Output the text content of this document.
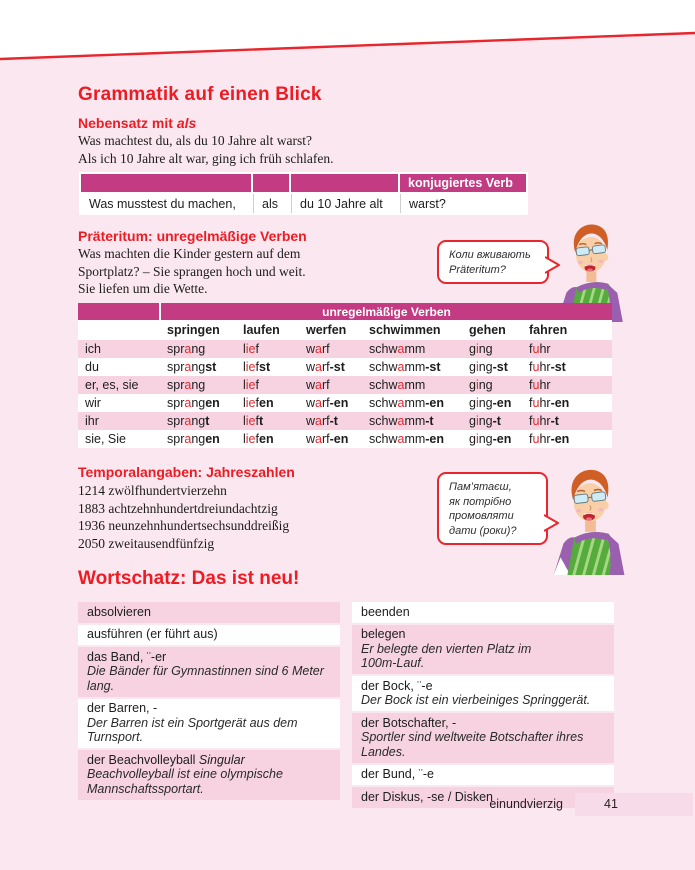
Grammatik auf einen Blick
Nebensatz mit als
Was machtest du, als du 10 Jahre alt warst?
Als ich 10 Jahre alt war, ging ich früh schlafen.
			konjugiertes Verb
Was musstest du machen,	als	du 10 Jahre alt	warst?
Präteritum: unregelmäßige Verben
Was machten die Kinder gestern auf dem
Sportplatz? – Sie sprangen hoch und weit.
Sie liefen um die Wette.
Коли вживають
Präteritum?
	unregelmäßige Verben					
	springen	laufen	werfen	schwimmen	gehen	fahren
ich	sprang	lief	warf	schwamm	ging	fuhr
du	sprangst	liefst	warf-st	schwamm-st	ging-st	fuhr-st
er, es, sie	sprang	lief	warf	schwamm	ging	fuhr
wir	sprangen	liefen	warf-en	schwamm-en	ging-en	fuhr-en
ihr	sprangt	lieft	warf-t	schwamm-t	ging-t	fuhr-t
sie, Sie	sprangen	liefen	warf-en	schwamm-en	ging-en	fuhr-en
Temporalangaben: Jahreszahlen
1214 zwölfhundertvierzehn
1883 achtzehnhundertdreiundachtzig
1936 neunzehnhundertsechsunddreißig
2050 zweitausendfünfzig
Пам’ятаєш,
як потрібно
промовляти
дати (роки)?
Wortschatz: Das ist neu!
absolvieren
ausführen (er führt aus)
das Band, ¨-er
Die Bänder für Gymnastinnen sind 6 Meter
lang.
der Barren, -
Der Barren ist ein Sportgerät aus dem
Turnsport.
der Beachvolleyball Singular
Beachvolleyball ist eine olympische
Mannschaftssportart.
beenden
belegen
Er belegte den vierten Platz im
100m-Lauf.
der Bock, ¨-e
Der Bock ist ein vierbeiniges Springgerät.
der Botschafter, -
Sportler sind weltweite Botschafter ihres
Landes.
der Bund, ¨-e
der Diskus, -se / Disken
einundvierzig	41
